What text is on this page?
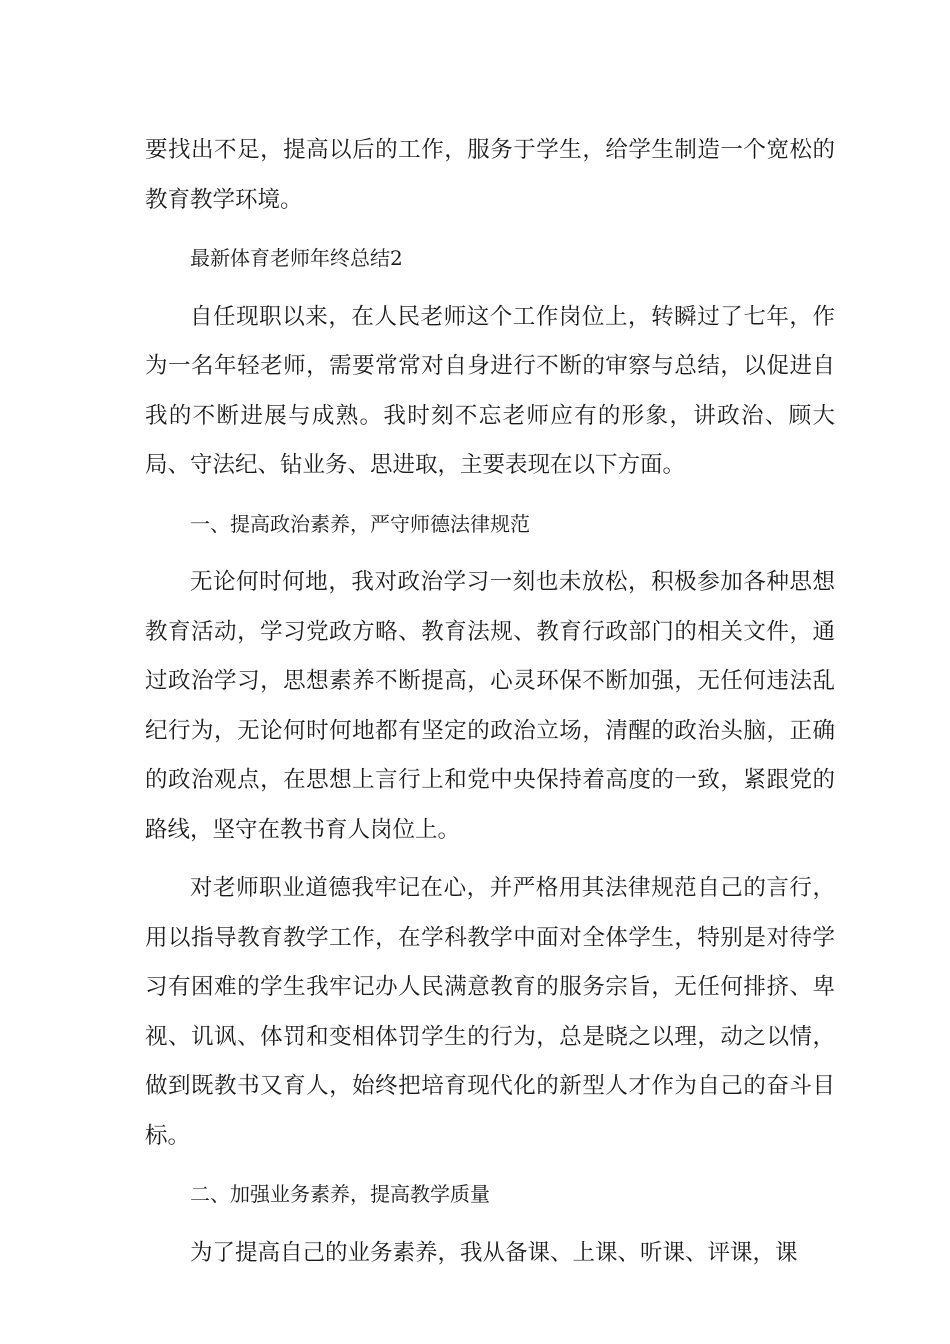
要找出不足，提高以后的工作，服务于学生，给学生制造一个宽松的教育教学环境。

最新体育老师年终总结2

自任现职以来，在人民老师这个工作岗位上，转瞬过了七年，作为一名年轻老师，需要常常对自身进行不断的审察与总结，以促进自我的不断进展与成熟。我时刻不忘老师应有的形象，讲政治、顾大局、守法纪、钻业务、思进取，主要表现在以下方面。

一、提高政治素养，严守师德法律规范

无论何时何地，我对政治学习一刻也未放松，积极参加各种思想教育活动，学习党政方略、教育法规、教育行政部门的相关文件，通过政治学习，思想素养不断提高，心灵环保不断加强，无任何违法乱纪行为，无论何时何地都有坚定的政治立场，清醒的政治头脑，正确的政治观点，在思想上言行上和党中央保持着高度的一致，紧跟党的路线，坚守在教书育人岗位上。

对老师职业道德我牢记在心，并严格用其法律规范自己的言行，用以指导教育教学工作，在学科教学中面对全体学生，特别是对待学习有困难的学生我牢记办人民满意教育的服务宗旨，无任何排挤、卑视、讥讽、体罚和变相体罚学生的行为，总是晓之以理，动之以情，做到既教书又育人，始终把培育现代化的新型人才作为自己的奋斗目标。

二、加强业务素养，提高教学质量

为了提高自己的业务素养，我从备课、上课、听课、评课，课
